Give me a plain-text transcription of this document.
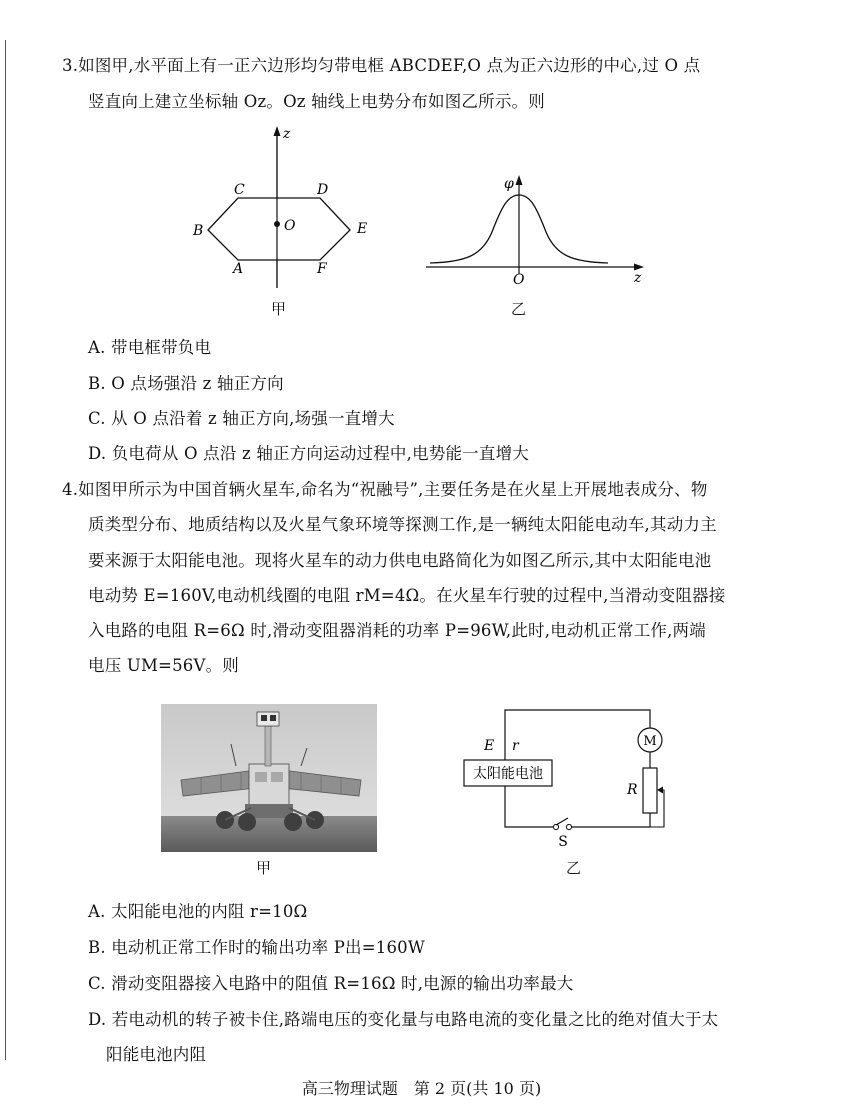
3.如图甲,水平面上有一正六边形均匀带电框 ABCDEF,O 点为正六边形的中心,过 O 点
竖直向上建立坐标轴 Oz。Oz 轴线上电势分布如图乙所示。则
z
O
C	D
B	E
A	F
甲
φ
z
O
乙
A. 带电框带负电
B. O 点场强沿 z 轴正方向
C. 从 O 点沿着 z 轴正方向,场强一直增大
D. 负电荷从 O 点沿 z 轴正方向运动过程中,电势能一直增大
4.如图甲所示为中国首辆火星车,命名为“祝融号”,主要任务是在火星上开展地表成分、物
质类型分布、地质结构以及火星气象环境等探测工作,是一辆纯太阳能电动车,其动力主
要来源于太阳能电池。现将火星车的动力供电电路简化为如图乙所示,其中太阳能电池
电动势 E=160V,电动机线圈的电阻 rM=4Ω。在火星车行驶的过程中,当滑动变阻器接
入电路的电阻 R=6Ω 时,滑动变阻器消耗的功率 P=96W,此时,电动机正常工作,两端
电压 UM=56V。则
甲
太阳能电池
E r	M
R
S
乙
A. 太阳能电池的内阻 r=10Ω
B. 电动机正常工作时的输出功率 P出=160W
C. 滑动变阻器接入电路中的阻值 R=16Ω 时,电源的输出功率最大
D. 若电动机的转子被卡住,路端电压的变化量与电路电流的变化量之比的绝对值大于太
阳能电池内阻
高三物理试题　第 2 页(共 10 页)
